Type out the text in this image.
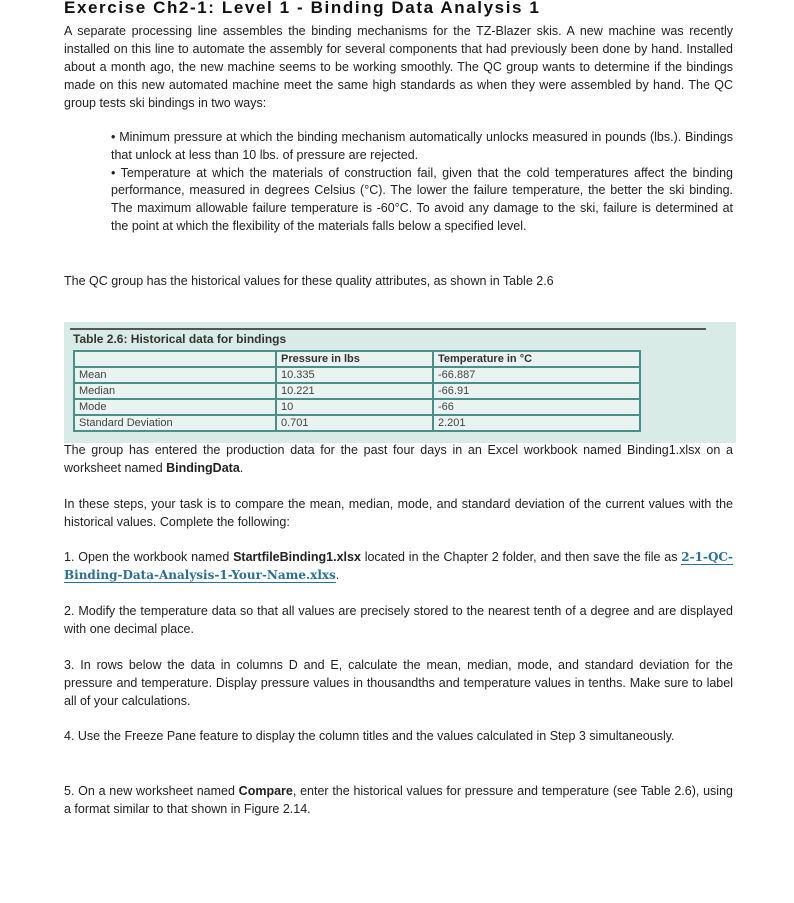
Exercise Ch2-1: Level 1 - Binding Data Analysis 1
A separate processing line assembles the binding mechanisms for the TZ-Blazer skis. A new machine was recently installed on this line to automate the assembly for several components that had previously been done by hand. Installed about a month ago, the new machine seems to be working smoothly. The QC group wants to determine if the bindings made on this new automated machine meet the same high standards as when they were assembled by hand. The QC group tests ski bindings in two ways:

• Minimum pressure at which the binding mechanism automatically unlocks measured in pounds (lbs.). Bindings that unlock at less than 10 lbs. of pressure are rejected.

• Temperature at which the materials of construction fail, given that the cold temperatures affect the binding performance, measured in degrees Celsius (°C). The lower the failure temperature, the better the ski binding. The maximum allowable failure temperature is -60°C. To avoid any damage to the ski, failure is determined at the point at which the flexibility of the materials falls below a specified level.

The QC group has the historical values for these quality attributes, as shown in Table 2.6
Table 2.6: Historical data for bindings
	Pressure in lbs	Temperature in °C
Mean	10.335	-66.887
Median	10.221	-66.91
Mode	10	-66
Standard Deviation	0.701	2.201
The group has entered the production data for the past four days in an Excel workbook named Binding1.xlsx on a worksheet named BindingData.
In these steps, your task is to compare the mean, median, mode, and standard deviation of the current values with the historical values. Complete the following:
1. Open the workbook named StartfileBinding1.xlsx located in the Chapter 2 folder, and then save the file as 2-1-QC-Binding-Data-Analysis-1-Your-Name.xlxs.
2. Modify the temperature data so that all values are precisely stored to the nearest tenth of a degree and are displayed with one decimal place.
3. In rows below the data in columns D and E, calculate the mean, median, mode, and standard deviation for the pressure and temperature. Display pressure values in thousandths and temperature values in tenths. Make sure to label all of your calculations.
4. Use the Freeze Pane feature to display the column titles and the values calculated in Step 3 simultaneously.
5. On a new worksheet named Compare, enter the historical values for pressure and temperature (see Table 2.6), using a format similar to that shown in Figure 2.14.
